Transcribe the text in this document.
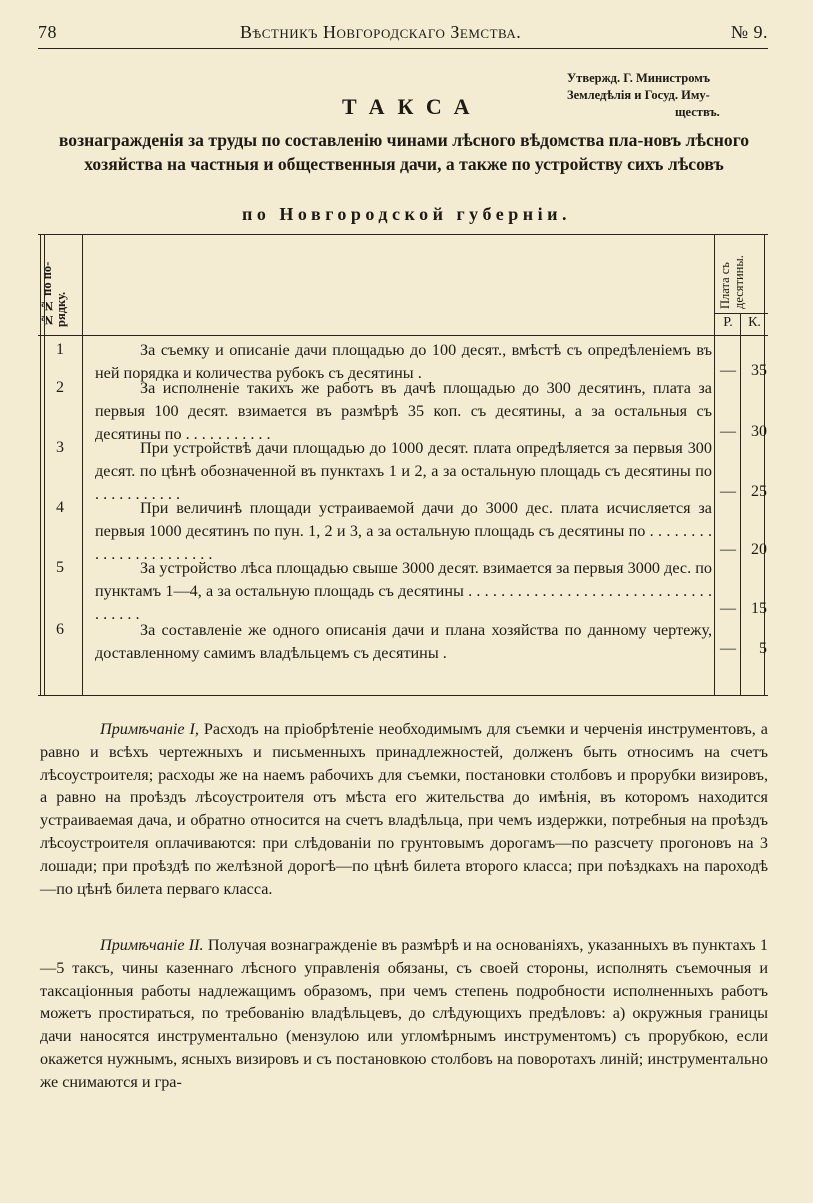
78	Вѣстникъ Новгородскаго Земства.	№ 9.
Утвержд. Г. Министромъ
Земледѣлія и Госуд. Иму-

ществъ.
ТАКСА
вознагражденія за труды по составленію чинами лѣсного вѣдомства пла-новъ лѣсного хозяйства на частныя и общественныя дачи, а также по устройству сихъ лѣсовъ
по Новгородской губерніи.
№№ по по-рядку.
Плата съ десятины.
Р.	К.
1	За съемку и описаніе дачи площадью до 100 десят., вмѣстѣ съ опредѣленіемъ въ ней порядка и количества рубокъ съ десятины .	— 35
2	За исполненіе такихъ же работъ въ дачѣ площадью до 300 десятинъ, плата за первыя 100 десят. взимается въ размѣрѣ 35 коп. съ десятины, а за остальныя съ десятины по . . . . . . . . . . .	— 30
3	При устройствѣ дачи площадью до 1000 десят. плата опредѣляется за первыя 300 десят. по цѣнѣ обозначенной въ пунктахъ 1 и 2, а за остальную площадь съ десятины по . . . . . . . . . . .	— 25
4	При величинѣ площади устраиваемой дачи до 3000 дес. плата исчисляется за первыя 1000 десятинъ по пун. 1, 2 и 3, а за остальную площадь съ десятины по . . . . . . . . . . . . . . . . . . . . . . .	— 20
5	За устройство лѣса площадью свыше 3000 десят. взимается за первыя 3000 дес. по пунктамъ 1—4, а за остальную площадь съ десятины . . . . . . . . . . . . . . . . . . . . . . . . . . . . . . . . . . . .	— 15
6	За составленіе же одного описанія дачи и плана хозяйства по данному чертежу, доставленному самимъ владѣльцемъ съ десятины .	—	5
Примѣчаніе I, Расходъ на пріобрѣтеніе необходимымъ для съемки и черченія инструментовъ, а равно и всѣхъ чертежныхъ и письменныхъ принадлежностей, долженъ быть относимъ на счетъ лѣсоустроителя; расходы же на наемъ рабочихъ для съемки, постановки столбовъ и прорубки визировъ, а равно на проѣздъ лѣсоустроителя отъ мѣста его жительства до имѣнія, въ которомъ находится устраиваемая дача, и обратно относится на счетъ владѣльца, при чемъ издержки, потребныя на проѣздъ лѣсоустроителя оплачиваются: при слѣдованіи по грунтовымъ дорогамъ—по разсчету прогоновъ на 3 лошади; при проѣздѣ по желѣзной дорогѣ—по цѣнѣ билета второго класса; при поѣздкахъ на пароходѣ—по цѣнѣ билета перваго класса.
Примѣчаніе II. Получая вознагражденіе въ размѣрѣ и на основаніяхъ, указанныхъ въ пунктахъ 1—5 таксъ, чины казеннаго лѣсного управленія обязаны, съ своей стороны, исполнять съемочныя и таксаціонныя работы надлежащимъ образомъ, при чемъ степень подробности исполненныхъ работъ можетъ простираться, по требованію владѣльцевъ, до слѣдующихъ предѣловъ: а) окружныя границы дачи наносятся инструментально (мензулою или угломѣрнымъ инструментомъ) съ прорубкою, если окажется нужнымъ, ясныхъ визировъ и съ постановкою столбовъ на поворотахъ линій; инструментально же снимаются и гра-
